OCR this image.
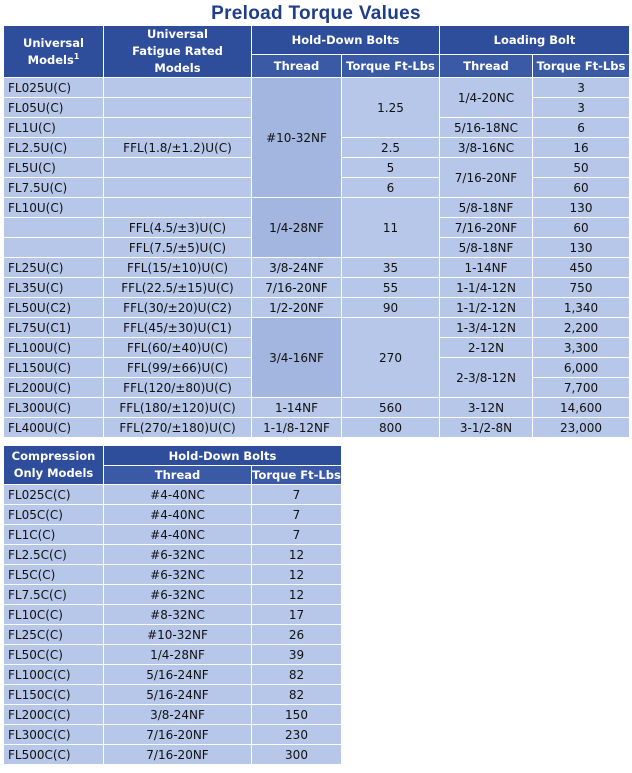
Preload Torque Values
Universal Models$^1$	Universal Fatigue Rated Models	Hold-Down Bolts		Loading Bolt	
		Thread	Torque Ft-Lbs	Thread	Torque Ft-Lbs
FL025U(C)		#10-32NF	1.25	1/4-20NC	3
FL05U(C)					3
FL1U(C)				5/16-18NC	6
FL2.5U(C)	FFL(1.8/±1.2)U(C)		2.5	3/8-16NC	16
FL5U(C)			5	7/16-20NF	50
FL7.5U(C)			6		60
FL10U(C)		1/4-28NF	11	5/8-18NF	130
	FFL(4.5/±3)U(C)			7/16-20NF	60
	FFL(7.5/±5)U(C)			5/8-18NF	130
FL25U(C)	FFL(15/±10)U(C)	3/8-24NF	35	1-14NF	450
FL35U(C)	FFL(22.5/±15)U(C)	7/16-20NF	55	1-1/4-12N	750
FL50U(C2)	FFL(30/±20)U(C2)	1/2-20NF	90	1-1/2-12N	1,340
FL75U(C1)	FFL(45/±30)U(C1)	3/4-16NF	270	1-3/4-12N	2,200
FL100U(C)	FFL(60/±40)U(C)			2-12N	3,300
FL150U(C)	FFL(99/±66)U(C)			2-3/8-12N	6,000
FL200U(C)	FFL(120/±80)U(C)				7,700
FL300U(C)	FFL(180/±120)U(C)	1-14NF	560	3-12N	14,600
FL400U(C)	FFL(270/±180)U(C)	1-1/8-12NF	800	3-1/2-8N	23,000
Compression Only Models	Hold-Down Bolts	
	Thread	Torque Ft-Lbs
FL025C(C)	#4-40NC	7
FL05C(C)	#4-40NC	7
FL1C(C)	#4-40NC	7
FL2.5C(C)	#6-32NC	12
FL5C(C)	#6-32NC	12
FL7.5C(C)	#6-32NC	12
FL10C(C)	#8-32NC	17
FL25C(C)	#10-32NF	26
FL50C(C)	1/4-28NF	39
FL100C(C)	5/16-24NF	82
FL150C(C)	5/16-24NF	82
FL200C(C)	3/8-24NF	150
FL300C(C)	7/16-20NF	230
FL500C(C)	7/16-20NF	300
